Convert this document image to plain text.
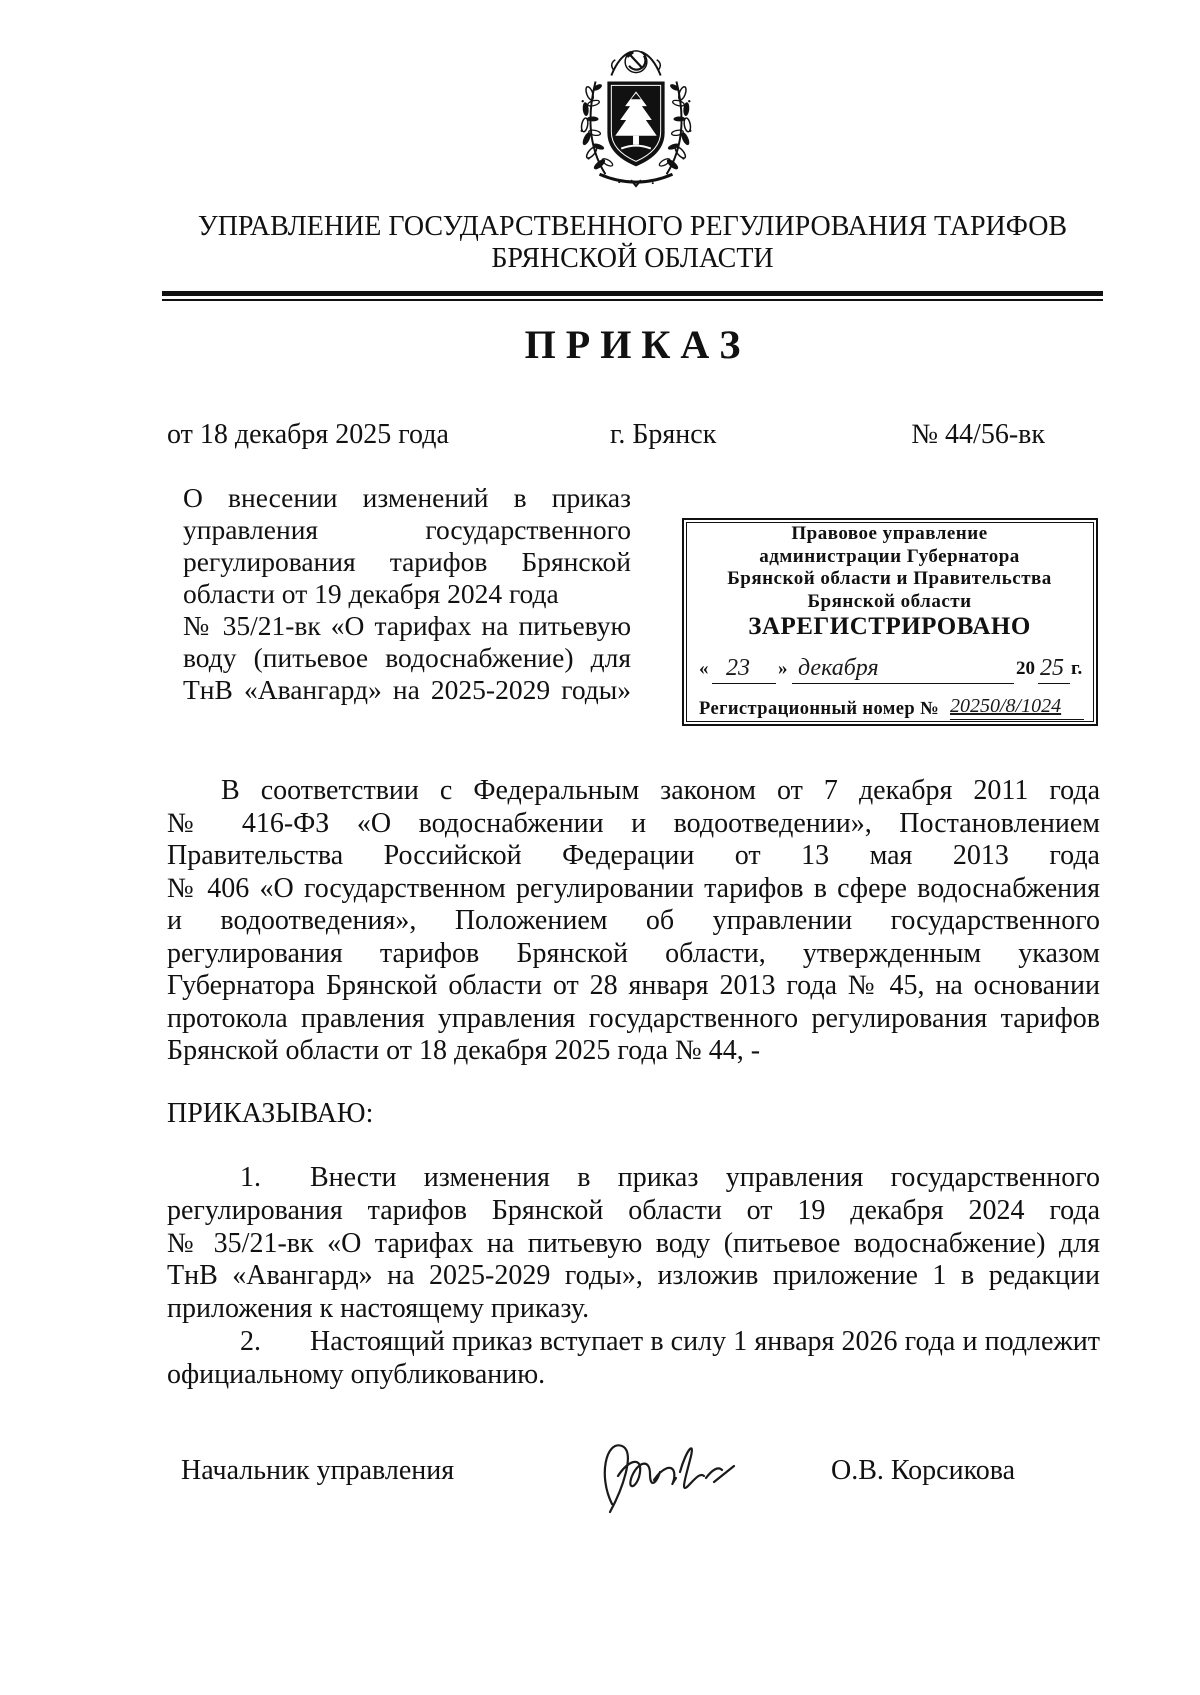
УПРАВЛЕНИЕ ГОСУДАРСТВЕННОГО РЕГУЛИРОВАНИЯ ТАРИФОВ
БРЯНСКОЙ ОБЛАСТИ
П Р И К А З
от 18 декабря 2025 года	г. Брянск	№ 44/56-вк
О внесении изменений в приказ
управления государственного
регулирования тарифов Брянской
области от 19 декабря 2024 года
№ 35/21-вк «О тарифах на питьевую
воду (питьевое водоснабжение) для
ТнВ «Авангард» на 2025-2029 годы»
Правовое управление
администрации Губернатора
Брянской области и Правительства
Брянской области
ЗАРЕГИСТРИРОВАНО
« 23	» декабря	20 25 г.
Регистрационный номер № 20250/8/1024
В соответствии с Федеральным законом от 7 декабря 2011 года
№ 416-ФЗ «О водоснабжении и водоотведении», Постановлением
Правительства Российской Федерации от 13 мая 2013 года
№ 406 «О государственном регулировании тарифов в сфере водоснабжения
и водоотведения», Положением об управлении государственного
регулирования тарифов Брянской области, утвержденным указом
Губернатора Брянской области от 28 января 2013 года № 45, на основании
протокола правления управления государственного регулирования тарифов
Брянской области от 18 декабря 2025 года № 44, -
ПРИКАЗЫВАЮ:
1. Внести изменения в приказ управления государственного
регулирования тарифов Брянской области от 19 декабря 2024 года
№ 35/21-вк «О тарифах на питьевую воду (питьевое водоснабжение) для
ТнВ «Авангард» на 2025-2029 годы», изложив приложение 1 в редакции
приложения к настоящему приказу.
2. Настоящий приказ вступает в силу 1 января 2026 года и подлежит
официальному опубликованию.
Начальник управления	О.В. Корсикова
